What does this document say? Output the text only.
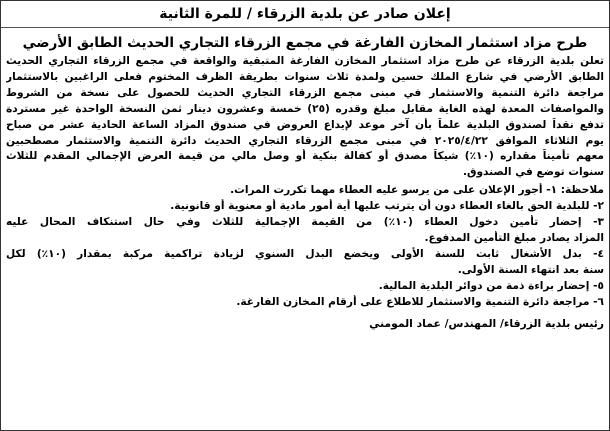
إعلان صادر عن بلدية الزرقاء / للمرة الثانية
طرح مزاد استثمار المخازن الفارغة في مجمع الزرقاء التجاري الحديث الطابق الأرضي
تعلن بلدية الزرقاء عن طرح مزاد استثمار المخازن الفارغة المتبقية والواقعة في مجمع الزرقاء التجاري الحديث
الطابق الأرضي في شارع الملك حسين ولمدة ثلاث سنوات بطريقة الظرف المختوم فعلى الراغبين بالاستثمار
مراجعة دائرة التنمية والاستثمار في مبنى مجمع الزرقاء التجاري الحديث للحصول على نسخة من الشروط
والمواصفات المعدة لهذه الغاية مقابل مبلغ وقدره (٢٥) خمسة وعشرون دينار ثمن النسخة الواحدة غير مستردة
تدفع نقداً لصندوق البلدية علماً بأن آخر موعد لإيداع العروض في صندوق المزاد الساعة الحادية عشر من صباح
يوم الثلاثاء الموافق ٢٠٢٥/٤/٢٢ في مبنى مجمع الزرقاء التجاري الحديث دائرة التنمية والاستثمار مصطحبين
معهم تأميناً مقداره (١٠٪) شيكاً مصدق أو كفالة بنكية أو وصل مالي من قيمة العرض الإجمالي المقدم للثلاث
سنوات توضع في الصندوق.
ملاحظة: ١- أجور الإعلان على من يرسو عليه العطاء مهما تكررت المرات.
٢- للبلدية الحق بالغاء العطاء دون أن يترتب عليها أية أمور مادية أو معنوية أو قانونية.
٣- إحضار تأمين دخول العطاء (١٠٪) من القيمة الإجمالية للثلاث وفي حال استنكاف المحال عليه
المزاد يصادر مبلغ التأمين المدفوع.
٤- بدل الأشغال ثابت للسنة الأولى ويخضع البدل السنوي لزيادة تراكمية مركبة بمقدار (١٠٪) لكل
سنة بعد انتهاء السنة الأولى.
٥- إحضار براءة ذمة من دوائر البلدية المالية.
٦- مراجعة دائرة التنمية والاستثمار للاطلاع على أرقام المخازن الفارغة.
رئيس بلدية الزرقاء/ المهندس/ عماد المومني
